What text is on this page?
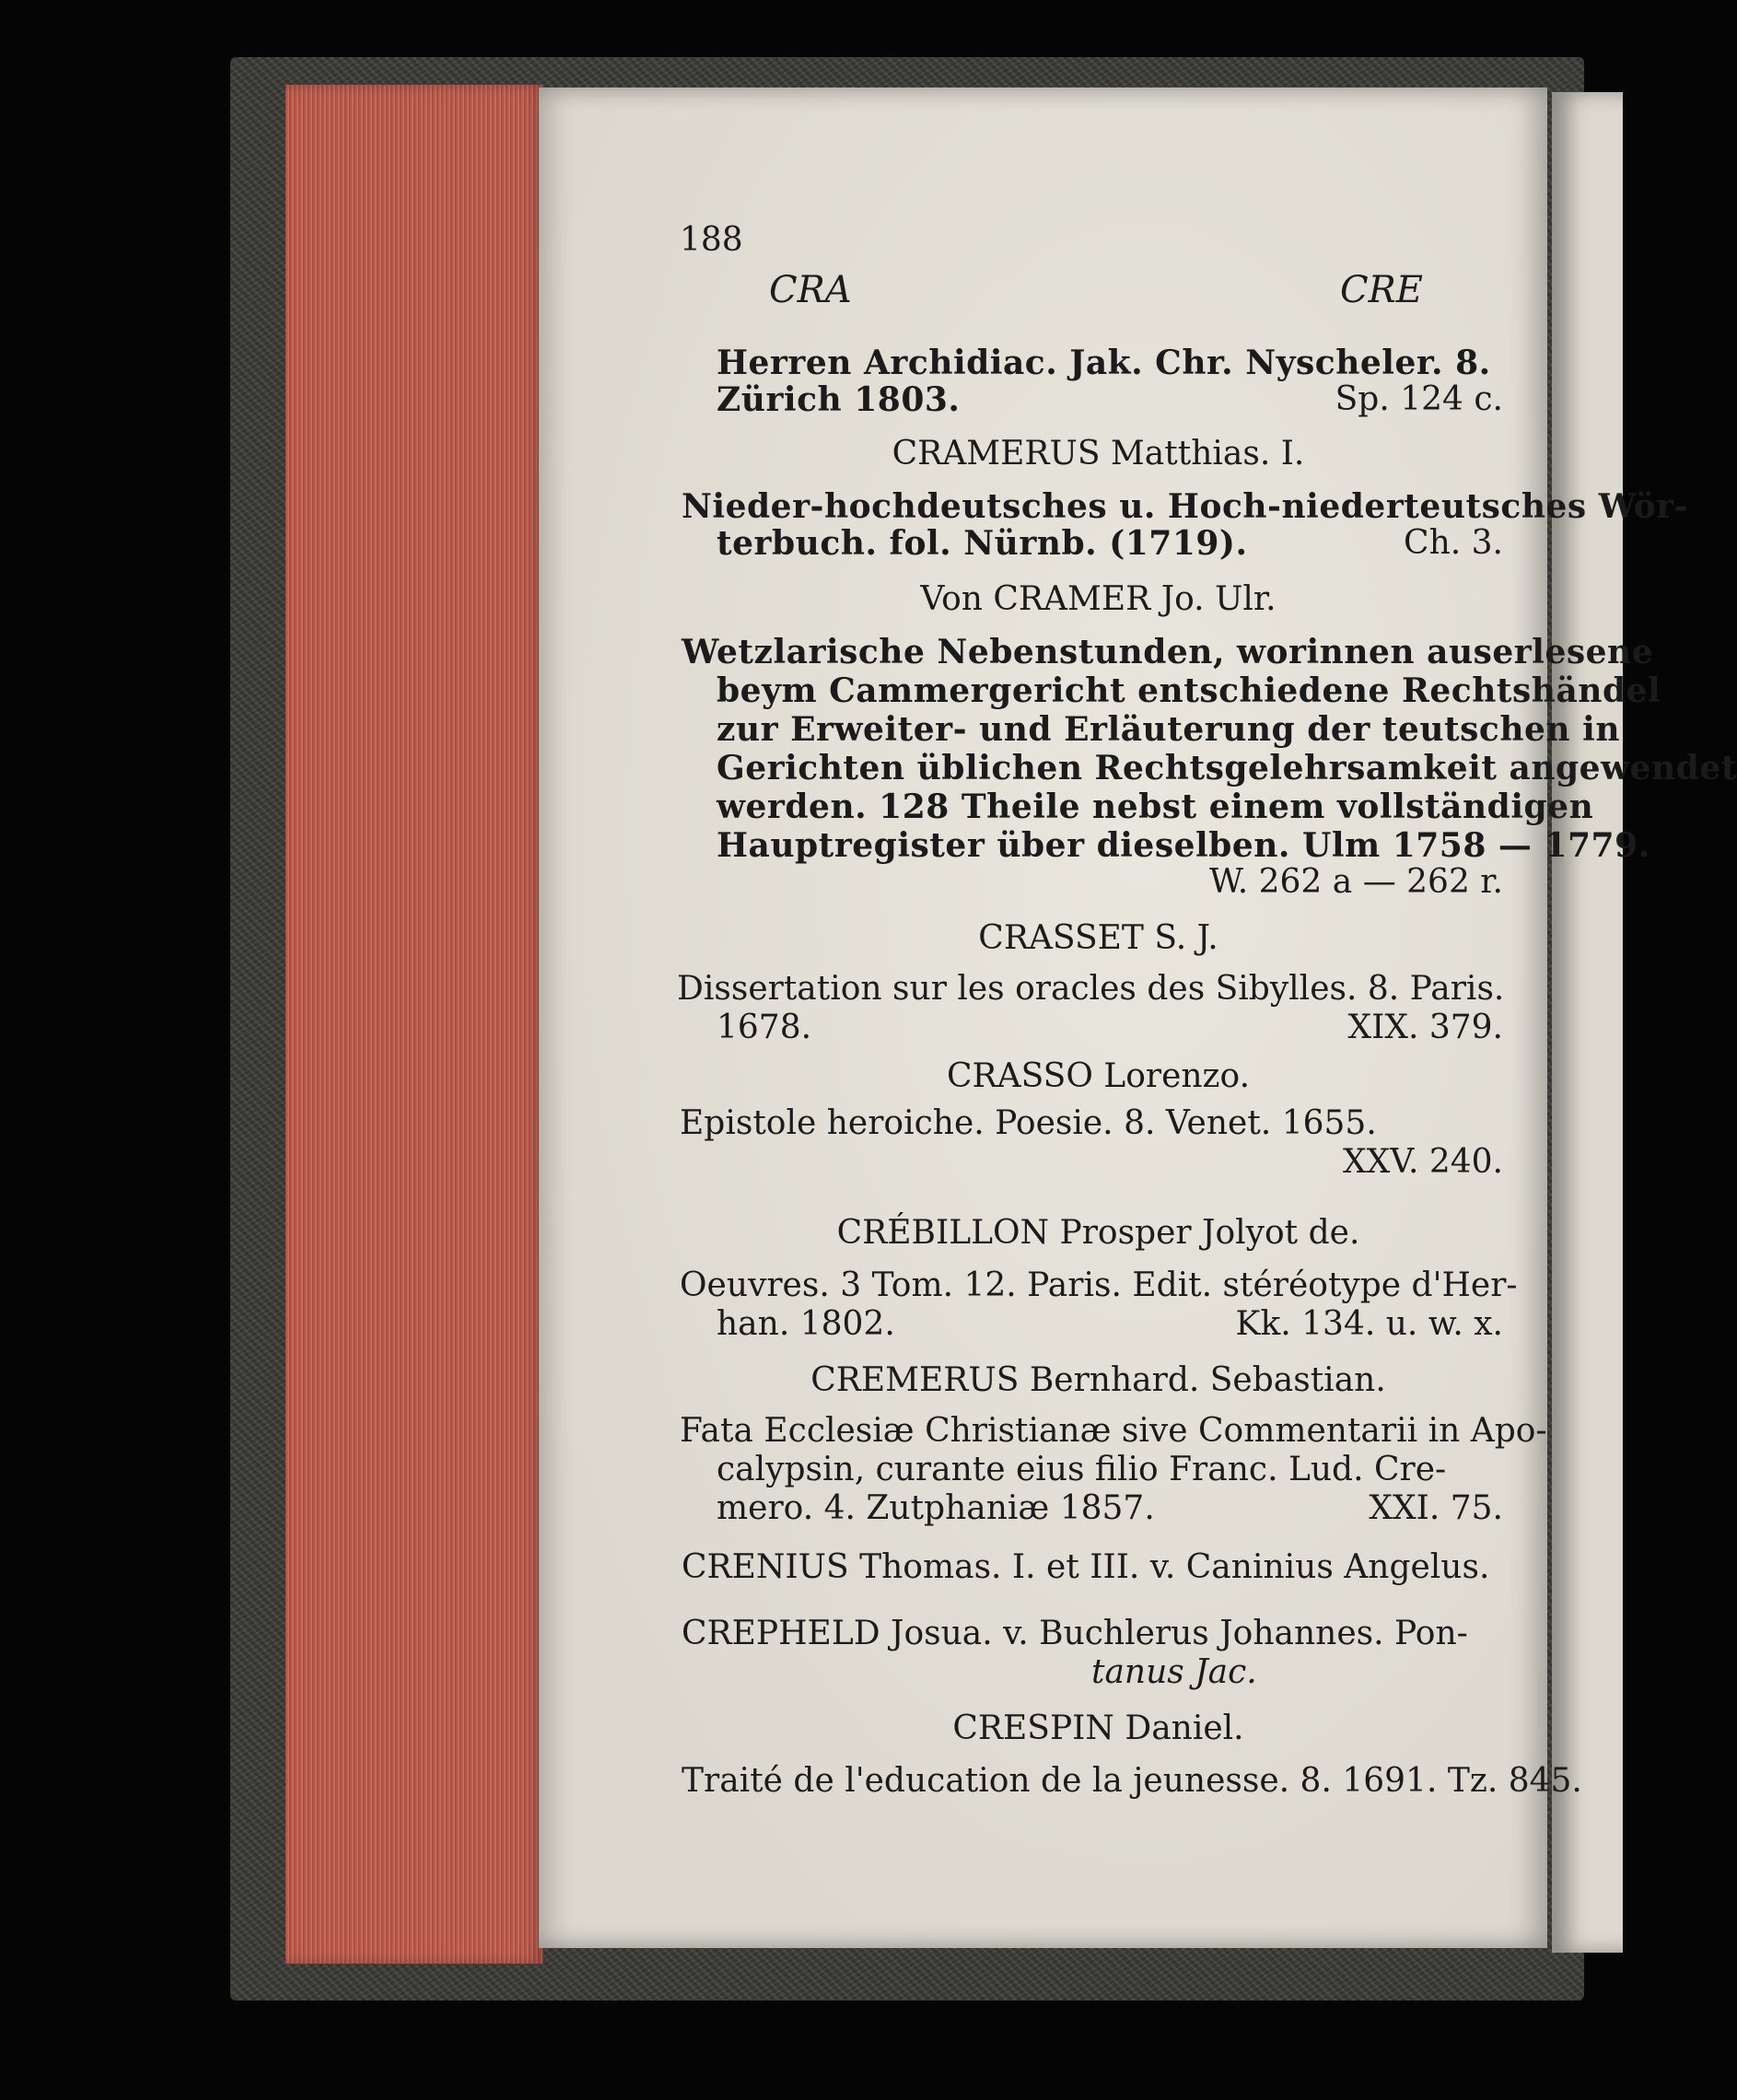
188

CRA	CRE

Herren Archidiac. Jak. Chr. Nyscheler. 8.

Zürich 1803.	Sp. 124 c.

CRAMERUS Matthias. I.

Nieder-hochdeutsches u. Hoch-niederteutsches Wör-

terbuch. fol. Nürnb. (1719).	Ch. 3.

Von CRAMER Jo. Ulr.

Wetzlarische Nebenstunden, worinnen auserlesene

beym Cammergericht entschiedene Rechtshändel

zur Erweiter- und Erläuterung der teutschen in

Gerichten üblichen Rechtsgelehrsamkeit angewendet

werden. 128 Theile nebst einem vollständigen

Hauptregister über dieselben. Ulm 1758 — 1779.

W. 262 a — 262 r.

CRASSET S. J.

Dissertation sur les oracles des Sibylles. 8. Paris.

1678.	XIX. 379.

CRASSO Lorenzo.

Epistole heroiche. Poesie. 8. Venet. 1655.

XXV. 240.

CRÉBILLON Prosper Jolyot de.

Oeuvres. 3 Tom. 12. Paris. Edit. stéréotype d'Her-

han. 1802.	Kk. 134. u. w. x.

CREMERUS Bernhard. Sebastian.

Fata Ecclesiæ Christianæ sive Commentarii in Apo-

calypsin, curante eius filio Franc. Lud. Cre-

mero. 4. Zutphaniæ 1857.	XXI. 75.

CRENIUS Thomas. I. et III. v. Caninius Angelus.

CREPHELD Josua. v. Buchlerus Johannes. Pon-

tanus Jac.

CRESPIN Daniel.

Traité de l'education de la jeunesse. 8. 1691. Tz. 845.
